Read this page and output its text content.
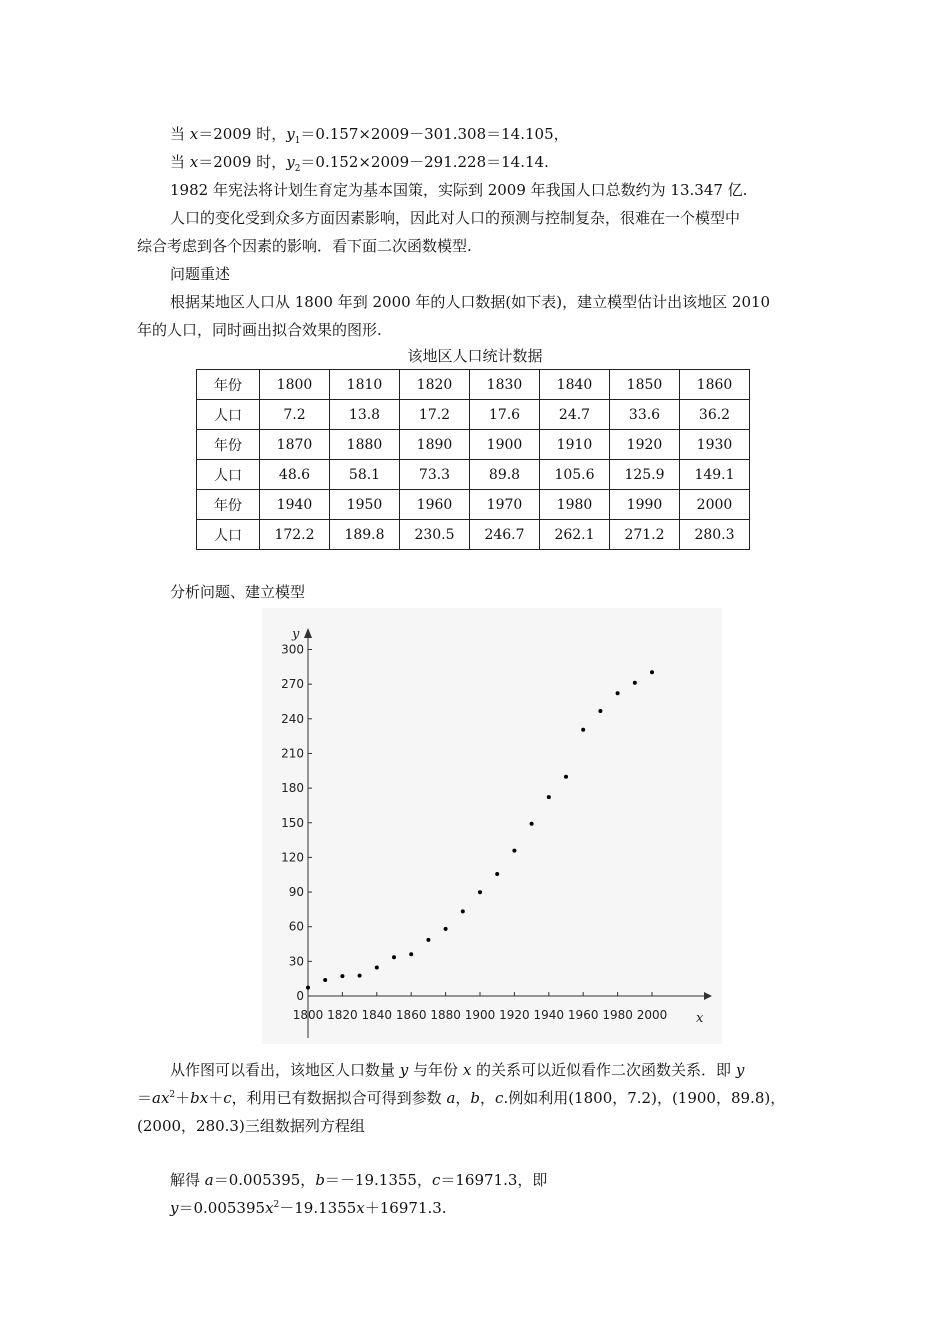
当 x＝2009 时，$y_1=0.157\times 2009-301.308=14.105$，
当 x＝2009 时，$y_2=0.152\times 2009-291.228=14.14$.
1982 年宪法将计划生育定为基本国策，实际到 2009 年我国人口总数约为 13.347 亿.
人口的变化受到众多方面因素影响，因此对人口的预测与控制复杂，很难在一个模型中
综合考虑到各个因素的影响．看下面二次函数模型.
问题重述
根据某地区人口从 1800 年到 2000 年的人口数据(如下表)，建立模型估计出该地区 2010
年的人口，同时画出拟合效果的图形.
该地区人口统计数据
年份	1800	1810	1820	1830	1840	1850	1860
人口	7.2	13.8	17.2	17.6	24.7	33.6	36.2
年份	1870	1880	1890	1900	1910	1920	1930
人口	48.6	58.1	73.3	89.8	105.6	125.9	149.1
年份	1940	1950	1960	1970	1980	1990	2000
人口	172.2	189.8	230.5	246.7	262.1	271.2	280.3
分析问题、建立模型
x
y
0
30
60
90
120
150
180
210
240
270
300
1800 1820 1840 1860 1880 1900 1920 1940 1960 1980 2000
从作图可以看出，该地区人口数量 y 与年份 x 的关系可以近似看作二次函数关系．即 y
$=ax^2+bx+c$，利用已有数据拟合可得到参数 a，b，c.例如利用(1800，7.2)，(1900，89.8)，
(2000，280.3)三组数据列方程组
解得 a＝0.005395，b＝－19.1355，c＝16971.3，即
$y=0.005395x^2-19.1355x+16971.3$.
